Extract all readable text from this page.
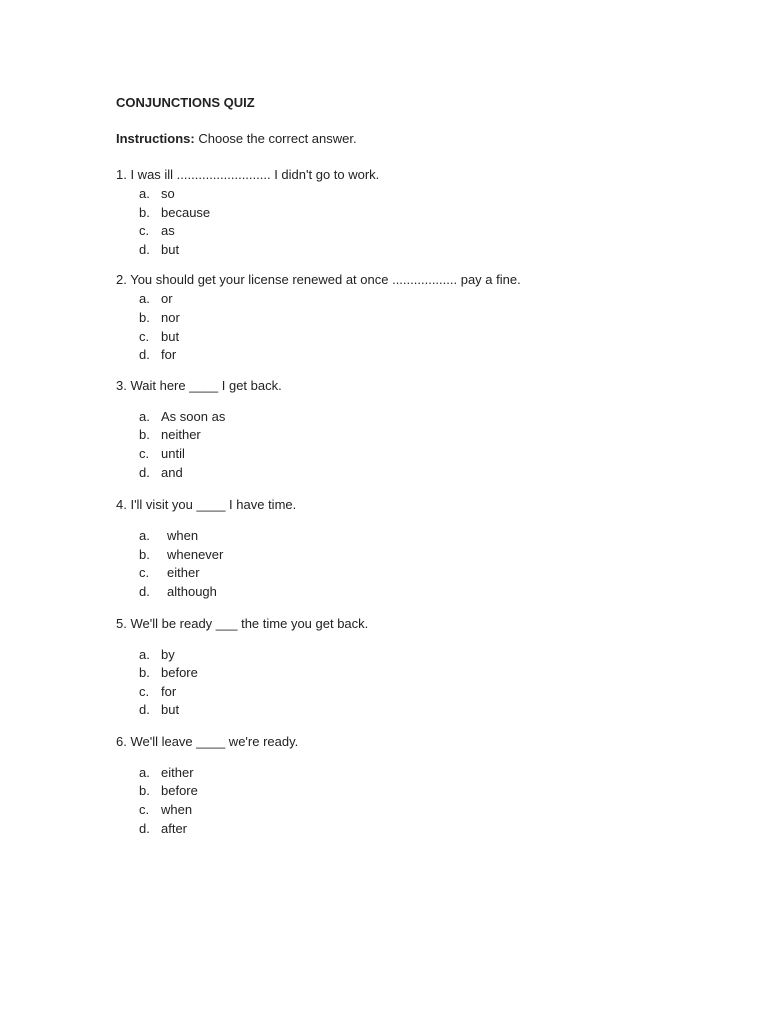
CONJUNCTIONS QUIZ
Instructions: Choose the correct answer.
1. I was ill .......................... I didn't go to work.
a. so
b. because
c. as
d. but
2. You should get your license renewed at once .................. pay a fine.
a. or
b. nor
c. but
d. for
3. Wait here ____ I get back.
a. As soon as
b. neither
c. until
d. and
4. I'll visit you ____ I have time.
a.	when
b.	whenever
c.	either
d.	although
5. We'll be ready ___ the time you get back.
a. by
b. before
c. for
d. but
6. We'll leave ____ we're ready.
a. either
b. before
c. when
d. after
